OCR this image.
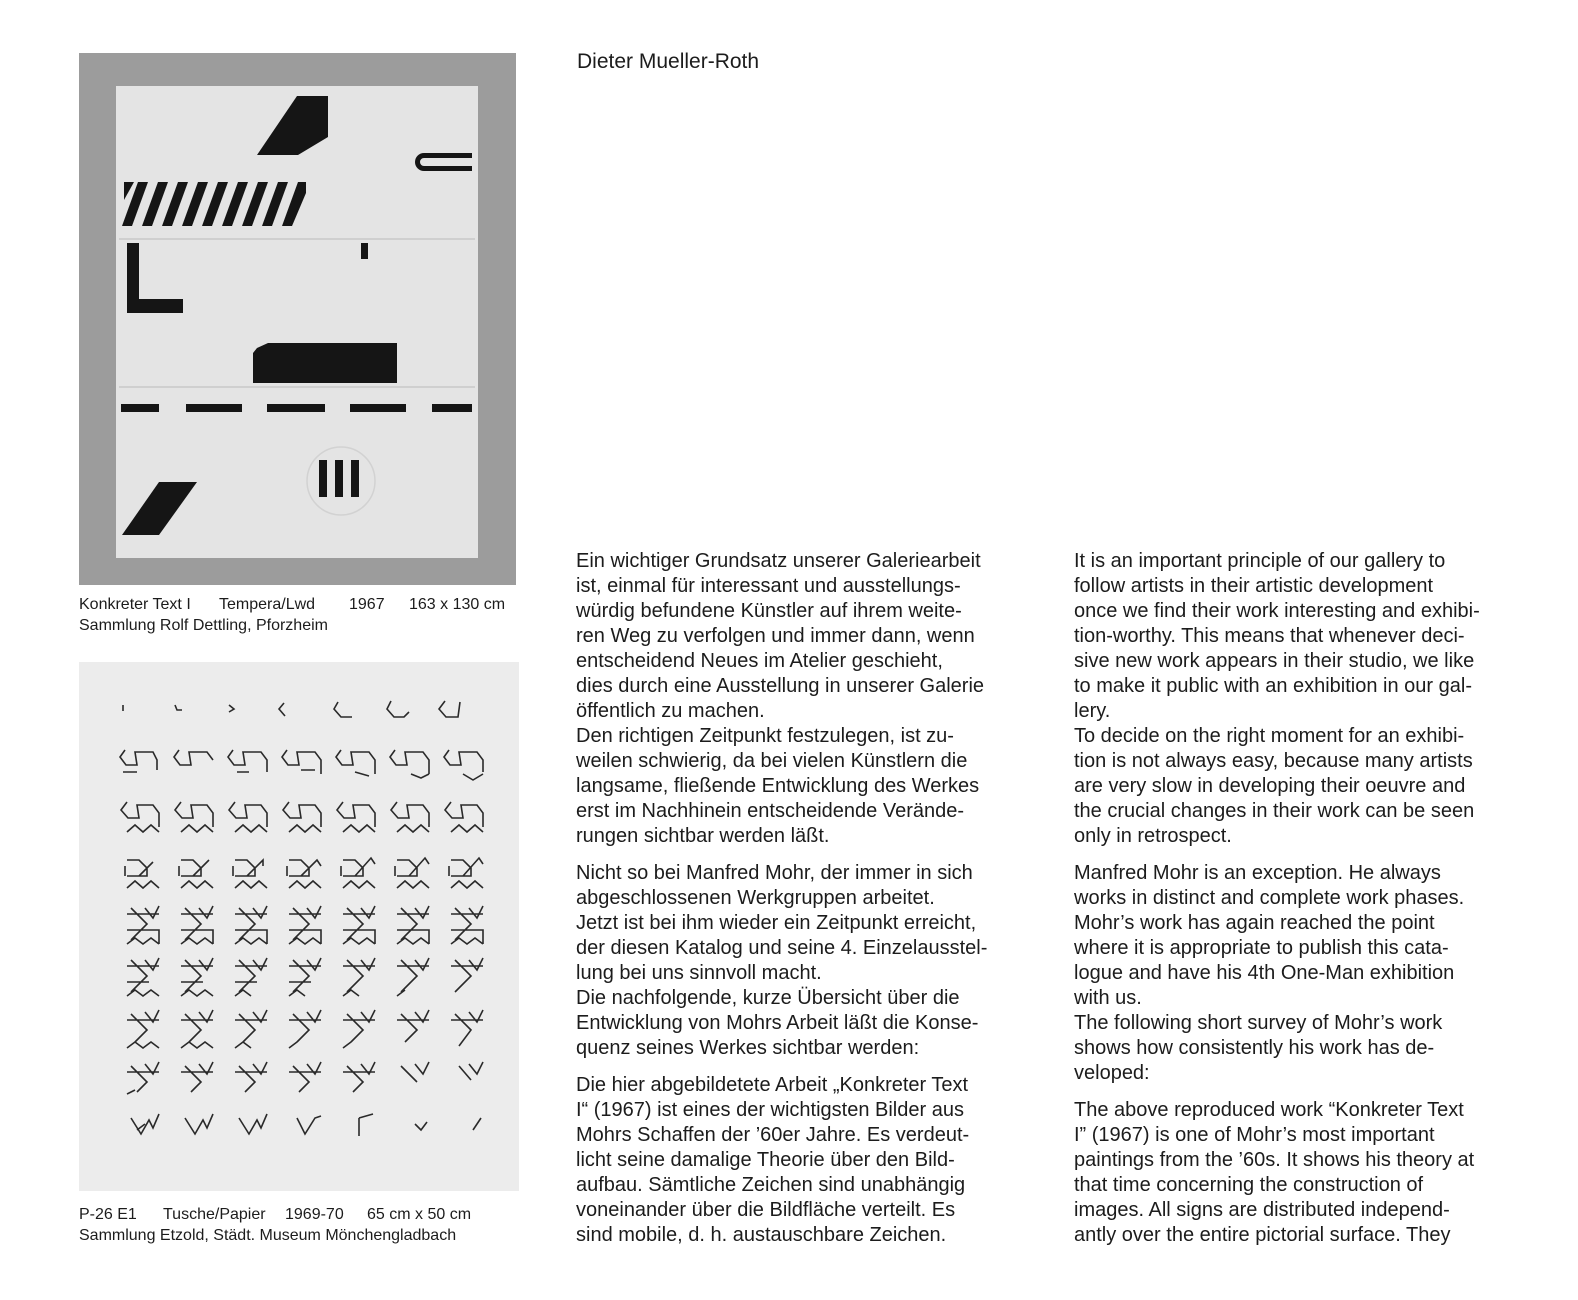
Konkreter Text I Tempera/Lwd 1967 163 x 130 cm
Sammlung Rolf Dettling, Pforzheim
P-26 E1 Tusche/Papier 1969-70 65 cm x 50 cm
Sammlung Etzold, Städt. Museum Mönchengladbach
Dieter Mueller-Roth
Ein wichtiger Grundsatz unserer Galeriearbeit
ist, einmal für interessant und ausstellungs-
würdig befundene Künstler auf ihrem weite-
ren Weg zu verfolgen und immer dann, wenn
entscheidend Neues im Atelier geschieht,
dies durch eine Ausstellung in unserer Galerie
öffentlich zu machen.
Den richtigen Zeitpunkt festzulegen, ist zu-
weilen schwierig, da bei vielen Künstlern die
langsame, fließende Entwicklung des Werkes
erst im Nachhinein entscheidende Verände-
rungen sichtbar werden läßt.
Nicht so bei Manfred Mohr, der immer in sich
abgeschlossenen Werkgruppen arbeitet.
Jetzt ist bei ihm wieder ein Zeitpunkt erreicht,
der diesen Katalog und seine 4. Einzelausstel-
lung bei uns sinnvoll macht.
Die nachfolgende, kurze Übersicht über die
Entwicklung von Mohrs Arbeit läßt die Konse-
quenz seines Werkes sichtbar werden:
Die hier abgebildetete Arbeit „Konkreter Text
I“ (1967) ist eines der wichtigsten Bilder aus
Mohrs Schaffen der ’60er Jahre. Es verdeut-
licht seine damalige Theorie über den Bild-
aufbau. Sämtliche Zeichen sind unabhängig
voneinander über die Bildfläche verteilt. Es
sind mobile, d. h. austauschbare Zeichen.
It is an important principle of our gallery to
follow artists in their artistic development
once we find their work interesting and exhibi-
tion-worthy. This means that whenever deci-
sive new work appears in their studio, we like
to make it public with an exhibition in our gal-
lery.
To decide on the right moment for an exhibi-
tion is not always easy, because many artists
are very slow in developing their oeuvre and
the crucial changes in their work can be seen
only in retrospect.
Manfred Mohr is an exception. He always
works in distinct and complete work phases.
Mohr’s work has again reached the point
where it is appropriate to publish this cata-
logue and have his 4th One-Man exhibition
with us.
The following short survey of Mohr’s work
shows how consistently his work has de-
veloped:
The above reproduced work “Konkreter Text
I” (1967) is one of Mohr’s most important
paintings from the ’60s. It shows his theory at
that time concerning the construction of
images. All signs are distributed independ-
antly over the entire pictorial surface. They
